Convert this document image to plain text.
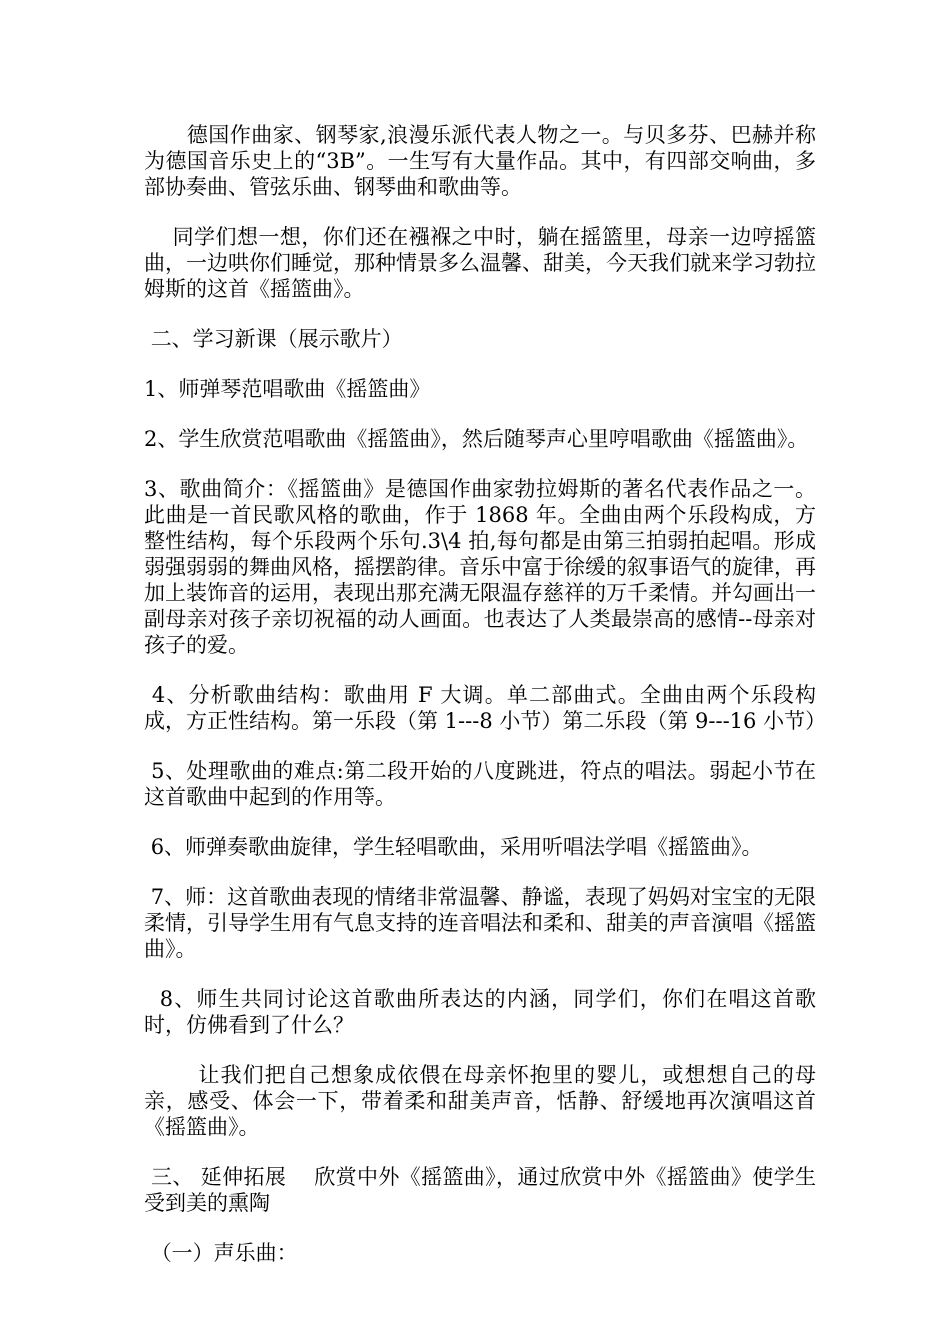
德国作曲家、钢琴家,浪漫乐派代表人物之一。与贝多芬、巴赫并称为德国音乐史上的“3B”。一生写有大量作品。其中，有四部交响曲，多部协奏曲、管弦乐曲、钢琴曲和歌曲等。

同学们想一想，你们还在襁褓之中时，躺在摇篮里，母亲一边哼摇篮曲，一边哄你们睡觉，那种情景多么温馨、甜美，今天我们就来学习勃拉姆斯的这首《摇篮曲》。

二、学习新课（展示歌片）

1、师弹琴范唱歌曲《摇篮曲》

2、学生欣赏范唱歌曲《摇篮曲》，然后随琴声心里哼唱歌曲《摇篮曲》。

3、歌曲简介：《摇篮曲》是德国作曲家勃拉姆斯的著名代表作品之一。此曲是一首民歌风格的歌曲，作于 1868 年。全曲由两个乐段构成，方整性结构，每个乐段两个乐句.3\4 拍,每句都是由第三拍弱拍起唱。形成弱强弱弱的舞曲风格，摇摆韵律。音乐中富于徐缓的叙事语气的旋律，再加上装饰音的运用，表现出那充满无限温存慈祥的万千柔情。并勾画出一副母亲对孩子亲切祝福的动人画面。也表达了人类最崇高的感情--母亲对孩子的爱。

4、分析歌曲结构：歌曲用 F 大调。单二部曲式。全曲由两个乐段构成，方正性结构。第一乐段（第 1---8 小节）第二乐段（第 9---16 小节）

5、处理歌曲的难点:第二段开始的八度跳进，符点的唱法。弱起小节在这首歌曲中起到的作用等。

6、师弹奏歌曲旋律，学生轻唱歌曲，采用听唱法学唱《摇篮曲》。

7、师：这首歌曲表现的情绪非常温馨、静谧，表现了妈妈对宝宝的无限柔情，引导学生用有气息支持的连音唱法和柔和、甜美的声音演唱《摇篮曲》。

8、师生共同讨论这首歌曲所表达的内涵，同学们，你们在唱这首歌时，仿佛看到了什么？

让我们把自己想象成依偎在母亲怀抱里的婴儿，或想想自己的母亲，感受、体会一下，带着柔和甜美声音，恬静、舒缓地再次演唱这首《摇篮曲》。

三、 延伸拓展    欣赏中外《摇篮曲》，通过欣赏中外《摇篮曲》使学生受到美的熏陶

（一）声乐曲：
